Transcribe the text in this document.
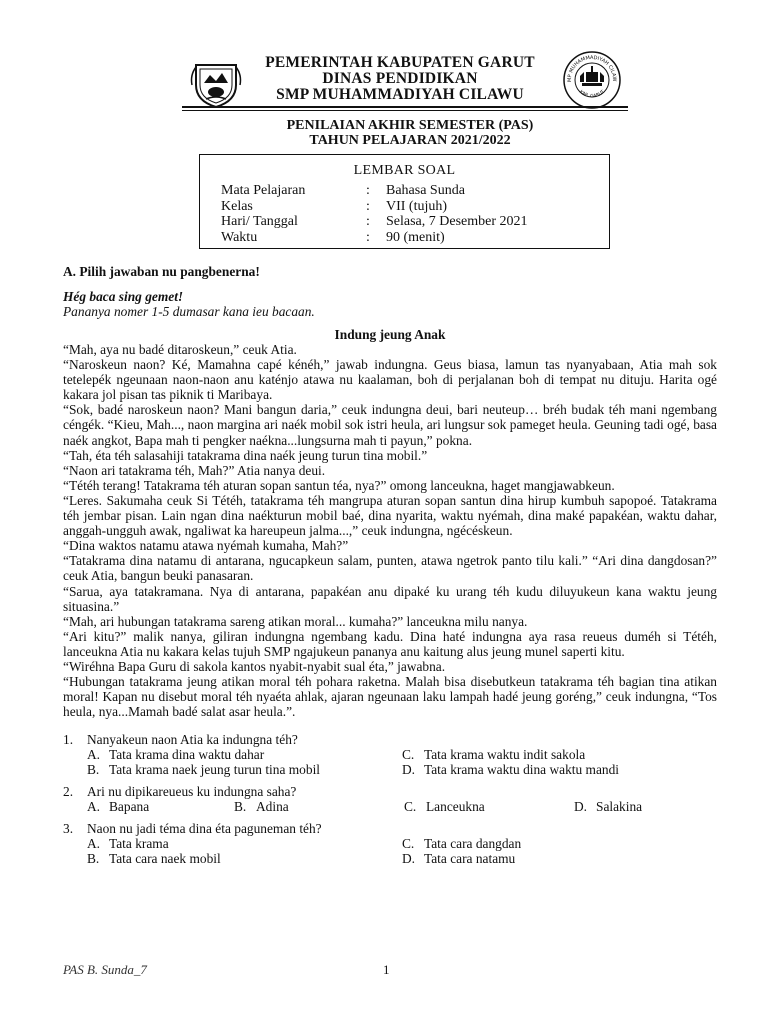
PEMERINTAH KABUPATEN GARUT
DINAS PENDIDIKAN
SMP MUHAMMADIYAH CILAWU
MP MUHAMMADIYAH CILAW
KAB. GARUT
PENILAIAN AKHIR SEMESTER (PAS)
TAHUN PELAJARAN 2021/2022
LEMBAR SOAL
Mata Pelajaran	:	Bahasa Sunda
Kelas	:	VII (tujuh)
Hari/ Tanggal	:	Selasa, 7 Desember 2021
Waktu	:	90 (menit)
A. Pilih jawaban nu pangbenerna!
Hég baca sing gemet!
Pananya nomer 1-5 dumasar kana ieu bacaan.
Indung jeung Anak

“Mah, aya nu badé ditaroskeun,” ceuk Atia.

“Naroskeun naon? Ké, Mamahna capé kénéh,” jawab indungna. Geus biasa, lamun tas nyanyabaan, Atia mah sok tetelepék ngeunaan naon-naon anu katénjo atawa nu kaalaman, boh di perjalanan boh di tempat nu dituju. Harita ogé kakara jol pisan tas piknik ti Maribaya.

“Sok, badé naroskeun naon? Mani bangun daria,” ceuk indungna deui, bari neuteup… bréh budak téh mani ngembang céngék. “Kieu, Mah..., naon margina ari naék mobil sok istri heula, ari lungsur sok pameget heula. Geuning tadi ogé, basa naék angkot, Bapa mah ti pengker naékna...lungsurna mah ti payun,” pokna.

“Tah, éta téh salasahiji tatakrama dina naék jeung turun tina mobil.”

“Naon ari tatakrama téh, Mah?” Atia nanya deui.

“Tétéh terang! Tatakrama téh aturan sopan santun téa, nya?” omong lanceukna, haget mangjawabkeun.

“Leres. Sakumaha ceuk Si Tétéh, tatakrama téh mangrupa aturan sopan santun dina hirup kumbuh sapopoé. Tatakrama téh jembar pisan. Lain ngan dina naékturun mobil baé, dina nyarita, waktu nyémah, dina maké papakéan, waktu dahar, anggah-ungguh awak, ngaliwat ka hareupeun jalma...,” ceuk indungna, ngécéskeun.

“Dina waktos natamu atawa nyémah kumaha, Mah?”

“Tatakrama dina natamu di antarana, ngucapkeun salam, punten, atawa ngetrok panto tilu kali.” “Ari dina dangdosan?” ceuk Atia, bangun beuki panasaran.

“Sarua, aya tatakramana. Nya di antarana, papakéan anu dipaké ku urang téh kudu diluyukeun kana waktu jeung situasina.”

“Mah, ari hubungan tatakrama sareng atikan moral... kumaha?” lanceukna milu nanya.

“Ari kitu?” malik nanya, giliran indungna ngembang kadu. Dina haté indungna aya rasa reueus duméh si Tétéh, lanceukna Atia nu kakara kelas tujuh SMP ngajukeun pananya anu kaitung alus jeung munel saperti kitu.

“Wiréhna Bapa Guru di sakola kantos nyabit-nyabit sual éta,” jawabna.

“Hubungan tatakrama jeung atikan moral téh pohara raketna. Malah bisa disebutkeun tatakrama téh bagian tina atikan moral! Kapan nu disebut moral téh nyaéta ahlak, ajaran ngeunaan laku lampah hadé jeung goréng,” ceuk indungna, “Tos heula, nya...Mamah badé salat asar heula.”.

1.	Nanyakeun naon Atia ka indungna téh?
A. Tata krama dina waktu dahar	C. Tata krama waktu indit sakola
B. Tata krama naek jeung turun tina mobil	D. Tata krama waktu dina waktu mandi
2.	Ari nu dipikareueus ku indungna saha?
A. Bapana	B. Adina	C. Lanceukna	D. Salakina
3.	Naon nu jadi téma dina éta paguneman téh?
A. Tata krama	C. Tata cara dangdan
B. Tata cara naek mobil	D. Tata cara natamu
PAS B. Sunda_7	1
